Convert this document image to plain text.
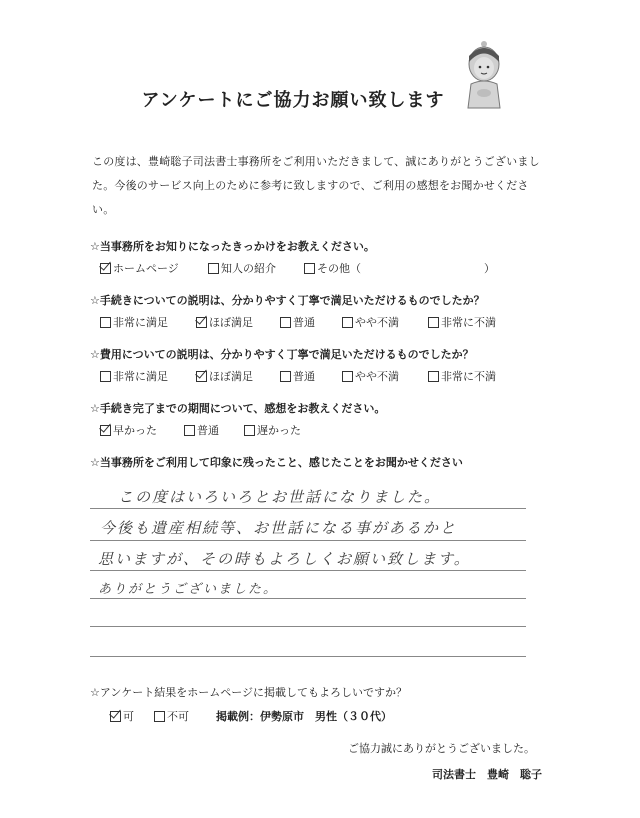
アンケートにご協力お願い致します
この度は、豊崎聡子司法書士事務所をご利用いただきまして、誠にありがとうございました。今後のサービス向上のために参考に致しますので、ご利用の感想をお聞かせください。
☆当事務所をお知りになったきっかけをお教えください。
ホームページ	知人の紹介	その他（	）
☆手続きについての説明は、分かりやすく丁寧で満足いただけるものでしたか？
非常に満足	ほぼ満足	普通	やや不満	非常に不満
☆費用についての説明は、分かりやすく丁寧で満足いただけるものでしたか？
非常に満足	ほぼ満足	普通	やや不満	非常に不満
☆手続き完了までの期間について、感想をお教えください。
早かった	普通	遅かった
☆当事務所をご利用して印象に残ったこと、感じたことをお聞かせください
この度はいろいろとお世話になりました。
今後も遺産相続等、お世話になる事があるかと
思いますが、その時もよろしくお願い致します。
ありがとうございました。
☆アンケート結果をホームページに掲載してもよろしいですか？
可	不可 掲載例：伊勢原市　男性（３０代）
ご協力誠にありがとうございました。
司法書士　豊崎　聡子
